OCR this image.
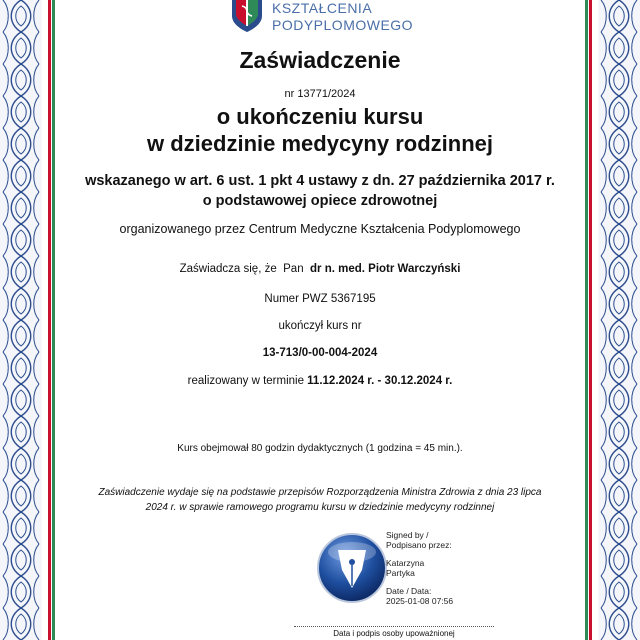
KSZTAŁCENIA
PODYPLOMOWEGO
Zaświadczenie
nr 13771/2024
o ukończeniu kursu
w dziedzinie medycyny rodzinnej
wskazanego w art. 6 ust. 1 pkt 4 ustawy z dn. 27 października 2017 r.
o podstawowej opiece zdrowotnej
organizowanego przez Centrum Medyczne Kształcenia Podyplomowego
Zaświadcza się, że  Pan  dr n. med. Piotr Warczyński
Numer PWZ 5367195
ukończył kurs nr
13-713/0-00-004-2024
realizowany w terminie 11.12.2024 r. - 30.12.2024 r.
Kurs obejmował 80 godzin dydaktycznych (1 godzina = 45 min.).
Zaświadczenie wydaje się na podstawie przepisów Rozporządzenia Ministra Zdrowia z dnia 23 lipca
2024 r. w sprawie ramowego programu kursu w dziedzinie medycyny rodzinnej
Signed by /
Podpisano przez:
Katarzyna
Partyka
Date / Data:
2025-01-08 07:56
Data i podpis osoby upoważnionej
